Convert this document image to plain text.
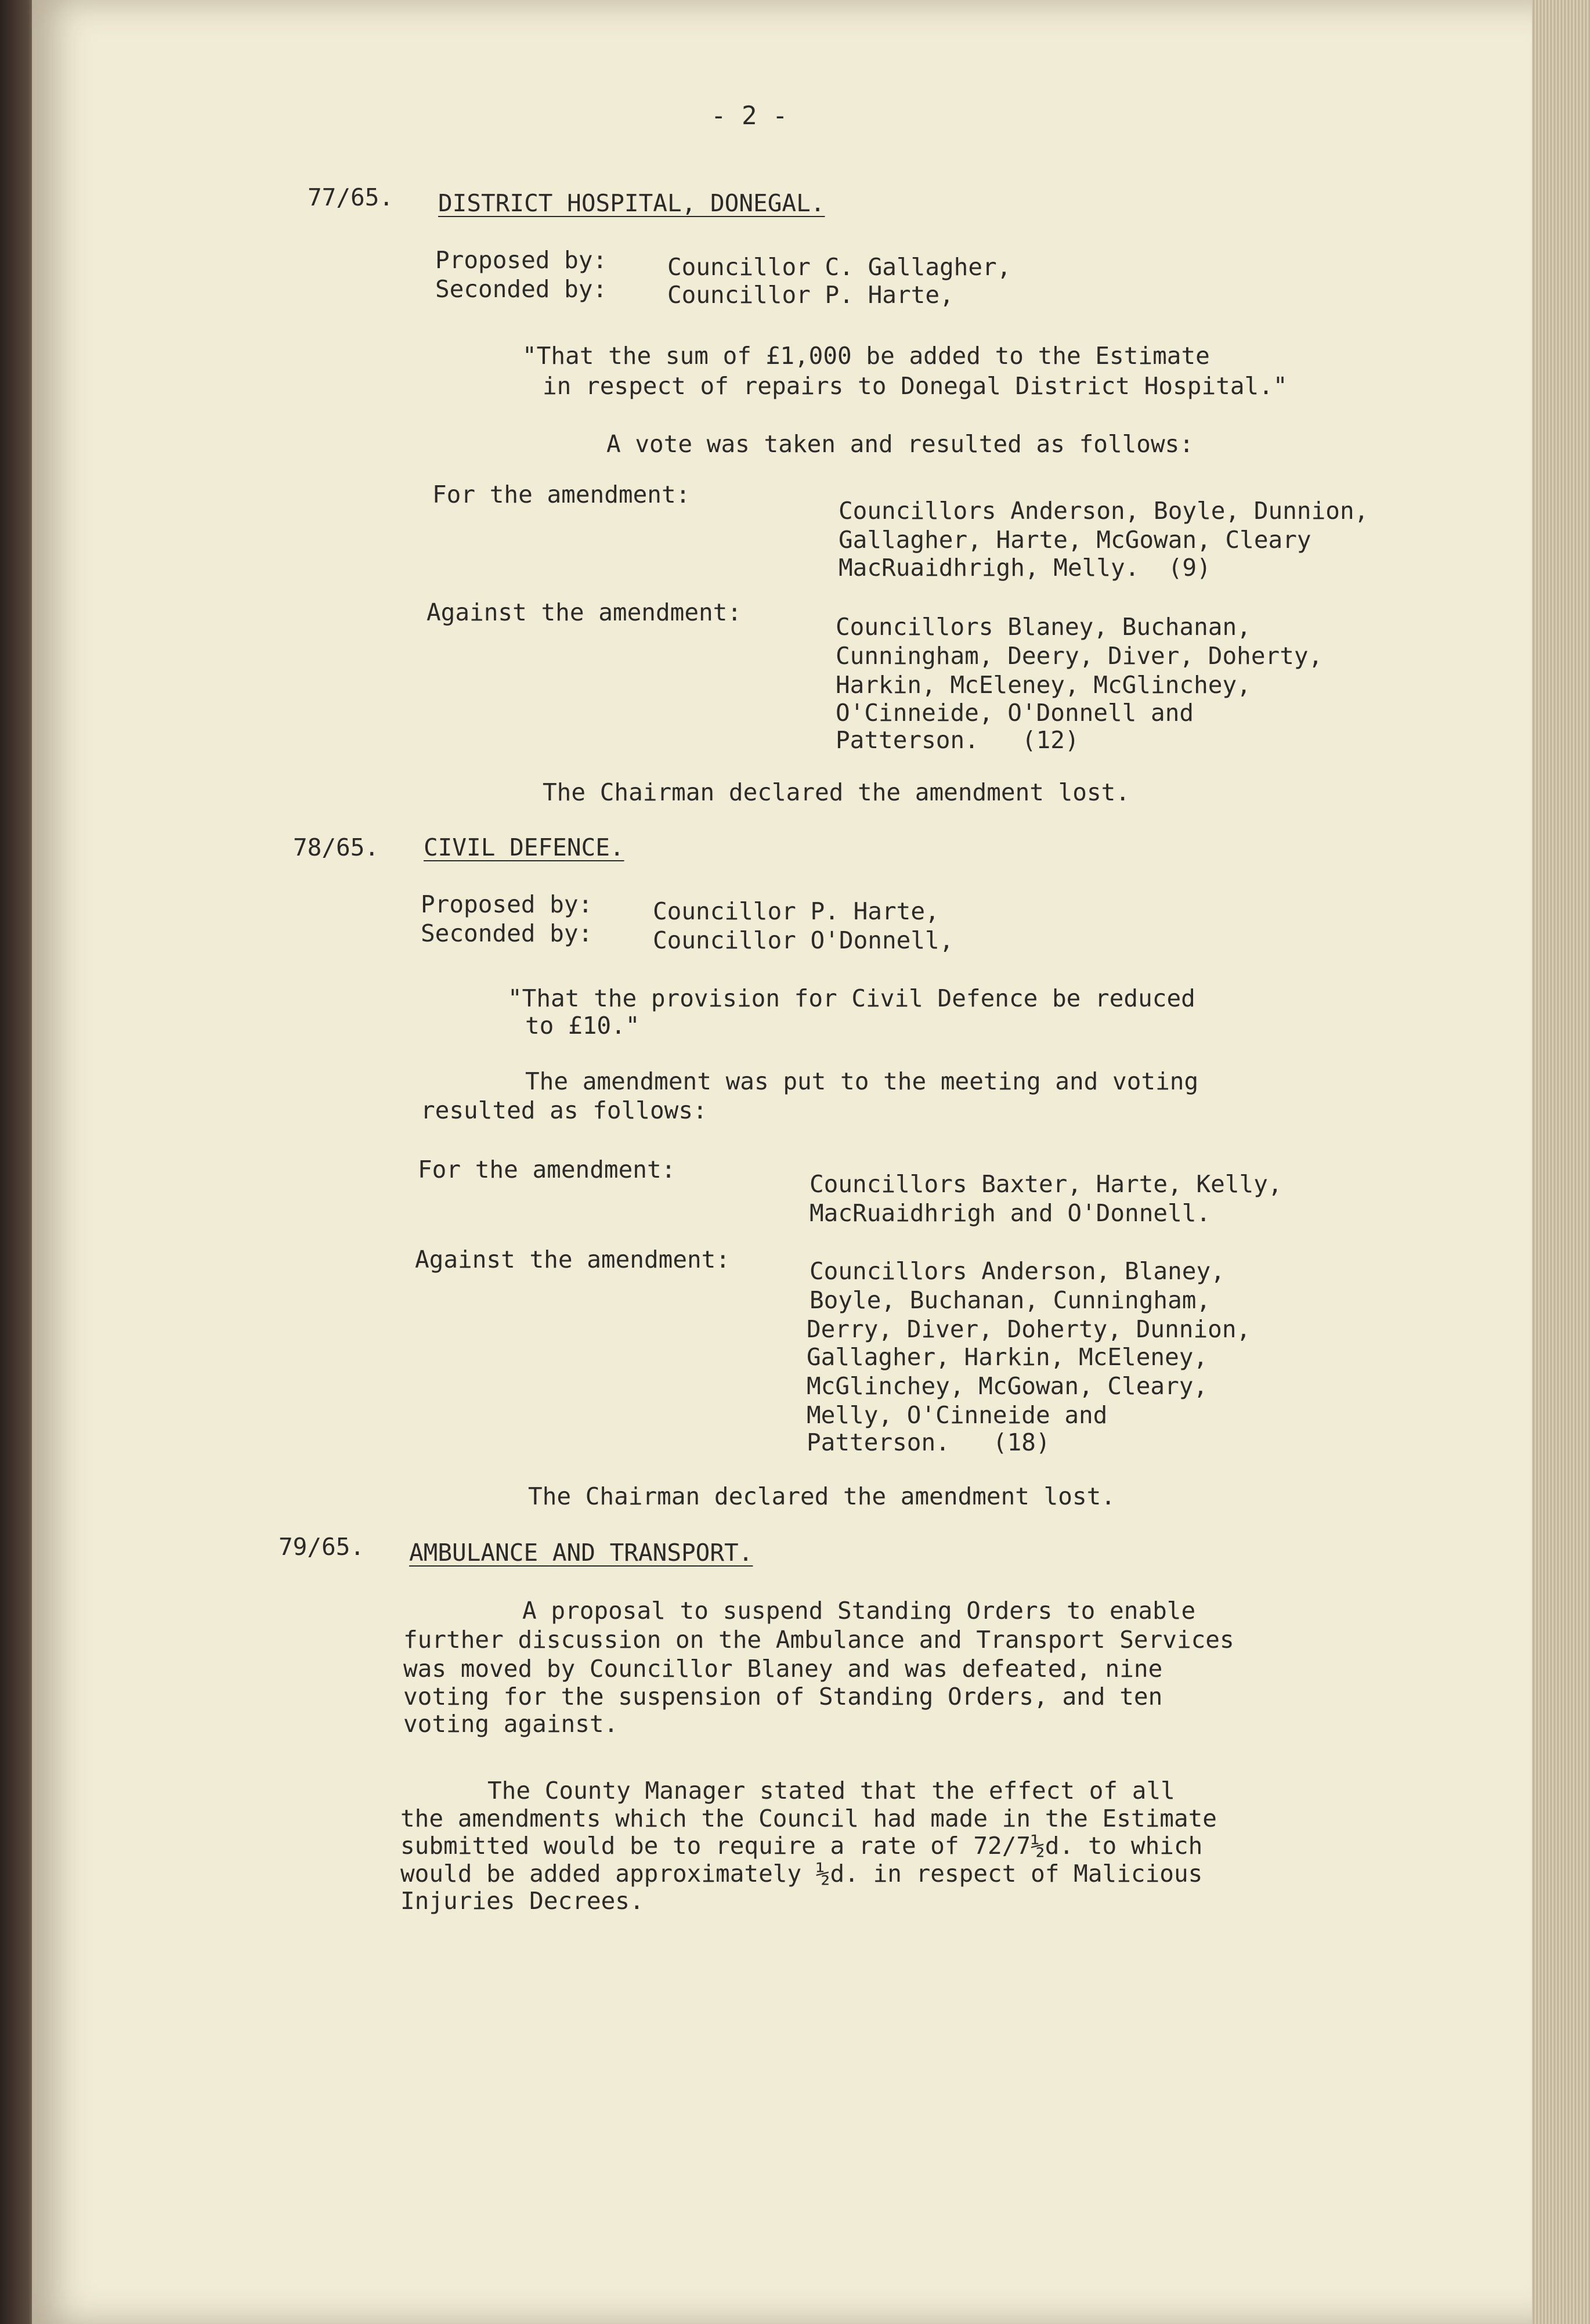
- 2 -
77/65. DISTRICT HOSPITAL, DONEGAL.
Proposed by:	Councillor C. Gallagher,
Seconded by:	Councillor P. Harte,
"That the sum of £1,000 be added to the Estimate
in respect of repairs to Donegal District Hospital."
A vote was taken and resulted as follows:
For the amendment:
Councillors Anderson, Boyle, Dunnion,
Gallagher, Harte, McGowan, Cleary
MacRuaidhrigh, Melly.  (9)
Against the amendment:
Councillors Blaney, Buchanan,
Cunningham, Deery, Diver, Doherty,
Harkin, McEleney, McGlinchey,
O'Cinneide, O'Donnell and
Patterson.   (12)
The Chairman declared the amendment lost.
78/65. CIVIL DEFENCE.
Proposed by:	Councillor P. Harte,
Seconded by:	Councillor O'Donnell,
"That the provision for Civil Defence be reduced
to £10."
The amendment was put to the meeting and voting
resulted as follows:
For the amendment:
Councillors Baxter, Harte, Kelly,
MacRuaidhrigh and O'Donnell.
Against the amendment:	Councillors Anderson, Blaney,
Boyle, Buchanan, Cunningham,
Derry, Diver, Doherty, Dunnion,
Gallagher, Harkin, McEleney,
McGlinchey, McGowan, Cleary,
Melly, O'Cinneide and
Patterson.   (18)
The Chairman declared the amendment lost.
79/65. AMBULANCE AND TRANSPORT.
A proposal to suspend Standing Orders to enable
further discussion on the Ambulance and Transport Services
was moved by Councillor Blaney and was defeated, nine
voting for the suspension of Standing Orders, and ten
voting against.
The County Manager stated that the effect of all
the amendments which the Council had made in the Estimate
submitted would be to require a rate of 72/7½d. to which
would be added approximately ½d. in respect of Malicious
Injuries Decrees.
